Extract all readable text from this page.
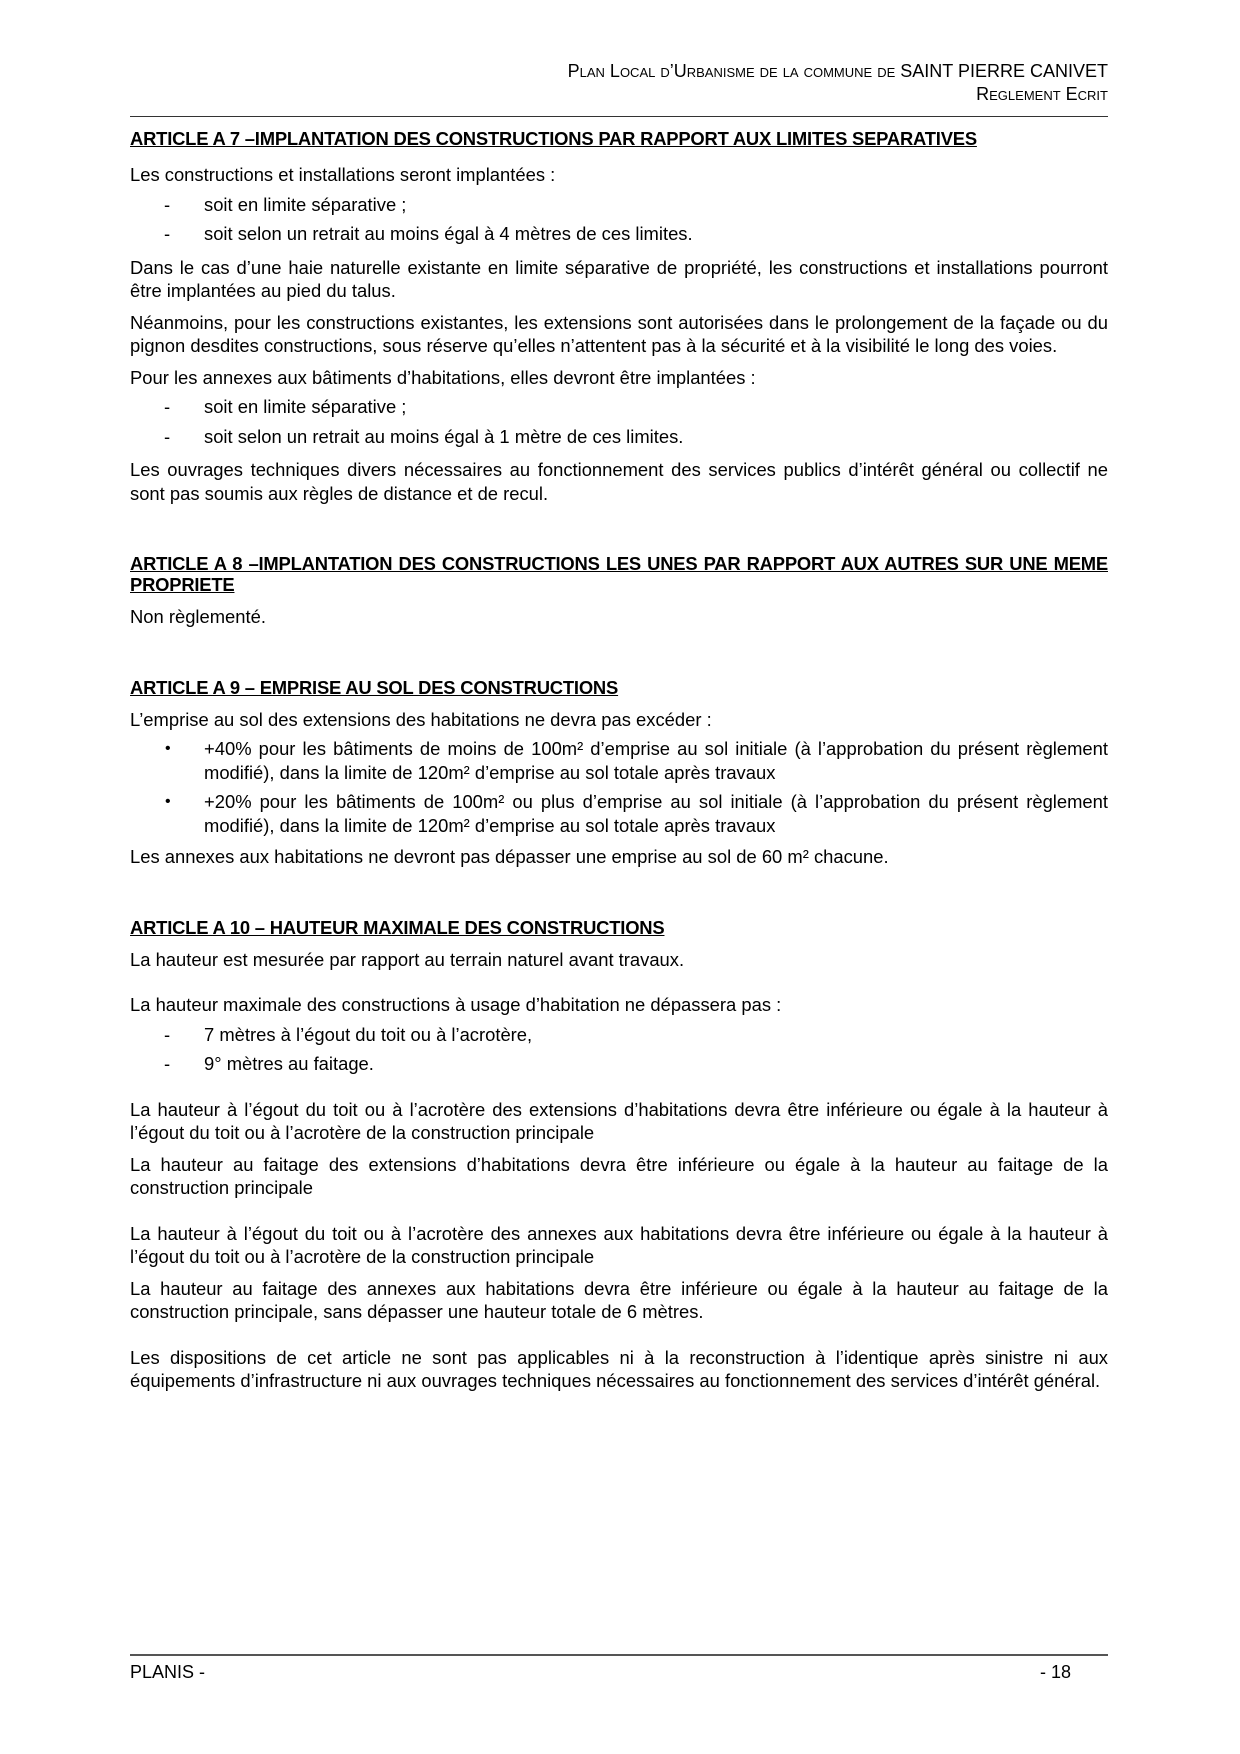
Plan Local d’Urbanisme de la commune de SAINT PIERRE CANIVET
Reglement Ecrit
ARTICLE A 7 –IMPLANTATION DES CONSTRUCTIONS PAR RAPPORT AUX LIMITES SEPARATIVES

Les constructions et installations seront implantées :

- soit en limite séparative ;
- soit selon un retrait au moins égal à 4 mètres de ces limites.

Dans le cas d’une haie naturelle existante en limite séparative de propriété, les constructions et installations pourront être implantées au pied du talus.

Néanmoins, pour les constructions existantes, les extensions sont autorisées dans le prolongement de la façade ou du pignon desdites constructions, sous réserve qu’elles n’attentent pas à la sécurité et à la visibilité le long des voies.

Pour les annexes aux bâtiments d’habitations, elles devront être implantées :

- soit en limite séparative ;
- soit selon un retrait au moins égal à 1 mètre de ces limites.

Les ouvrages techniques divers nécessaires au fonctionnement des services publics d’intérêt général ou collectif ne sont pas soumis aux règles de distance et de recul.

ARTICLE A 8 –IMPLANTATION DES CONSTRUCTIONS LES UNES PAR RAPPORT AUX AUTRES SUR UNE MEME PROPRIETE

Non règlementé.

ARTICLE A 9 – EMPRISE AU SOL DES CONSTRUCTIONS

L’emprise au sol des extensions des habitations ne devra pas excéder :

• +40% pour les bâtiments de moins de 100m² d’emprise au sol initiale (à l’approbation du présent règlement modifié), dans la limite de 120m² d’emprise au sol totale après travaux
• +20% pour les bâtiments de 100m² ou plus d’emprise au sol initiale (à l’approbation du présent règlement modifié), dans la limite de 120m² d’emprise au sol totale après travaux

Les annexes aux habitations ne devront pas dépasser une emprise au sol de 60 m² chacune.

ARTICLE A 10 – HAUTEUR MAXIMALE DES CONSTRUCTIONS

La hauteur est mesurée par rapport au terrain naturel avant travaux.

La hauteur maximale des constructions à usage d’habitation ne dépassera pas :

- 7 mètres à l’égout du toit ou à l’acrotère,
- 9° mètres au faitage.

La hauteur à l’égout du toit ou à l’acrotère des extensions d’habitations devra être inférieure ou égale à la hauteur à l’égout du toit ou à l’acrotère de la construction principale

La hauteur au faitage des extensions d’habitations devra être inférieure ou égale à la hauteur au faitage de la construction principale

La hauteur à l’égout du toit ou à l’acrotère des annexes aux habitations devra être inférieure ou égale à la hauteur à l’égout du toit ou à l’acrotère de la construction principale

La hauteur au faitage des annexes aux habitations devra être inférieure ou égale à la hauteur au faitage de la construction principale, sans dépasser une hauteur totale de 6 mètres.

Les dispositions de cet article ne sont pas applicables ni à la reconstruction à l’identique après sinistre ni aux équipements d’infrastructure ni aux ouvrages techniques nécessaires au fonctionnement des services d’intérêt général.

PLANIS -	- 18
